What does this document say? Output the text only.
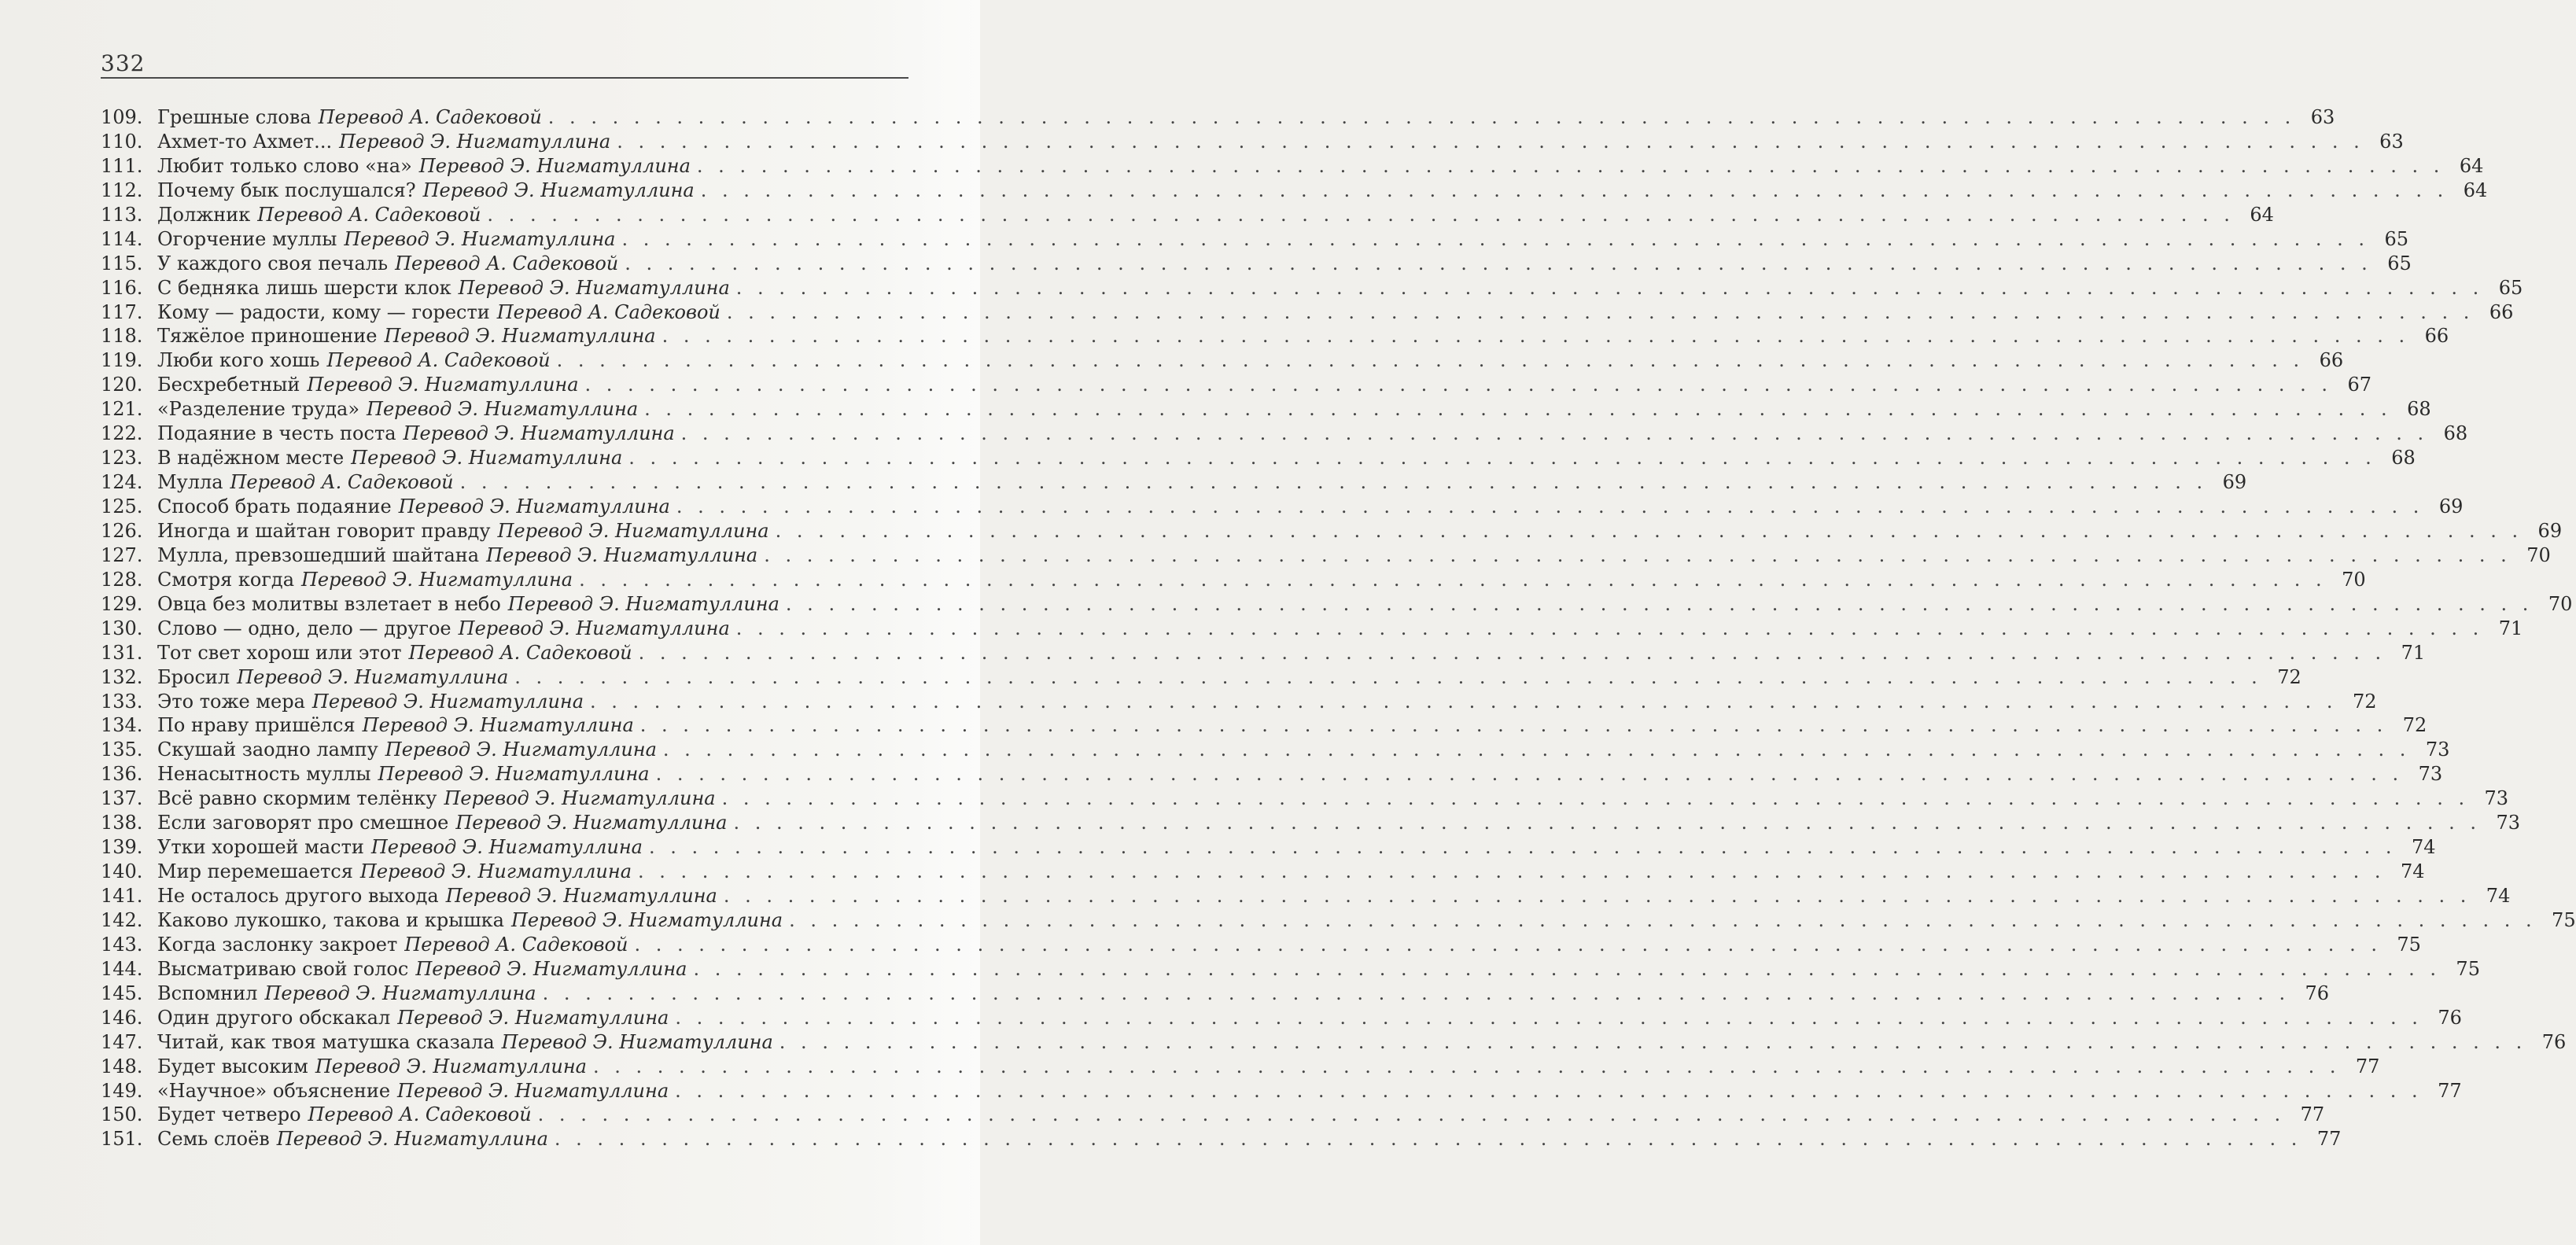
332
109. Грешные слова Перевод А. Садековой . . . . . . . . . . . . . . . . . . . . . . . . . . . . . . . . . . . . . . . . . . . . . . . . . . . . . . . . . . . . . . . . . . . . . . . . . . . . . . . . . . 63
110. Ахмет-то Ахмет... Перевод Э. Нигматуллина . . . . . . . . . . . . . . . . . . . . . . . . . . . . . . . . . . . . . . . . . . . . . . . . . . . . . . . . . . . . . . . . . . . . . . . . . . . . . . . . . . 63
111. Любит только слово «на» Перевод Э. Нигматуллина . . . . . . . . . . . . . . . . . . . . . . . . . . . . . . . . . . . . . . . . . . . . . . . . . . . . . . . . . . . . . . . . . . . . . . . . . . . . . . . . . . 64
112. Почему бык послушался? Перевод Э. Нигматуллина . . . . . . . . . . . . . . . . . . . . . . . . . . . . . . . . . . . . . . . . . . . . . . . . . . . . . . . . . . . . . . . . . . . . . . . . . . . . . . . . . . 64
113. Должник Перевод А. Садековой . . . . . . . . . . . . . . . . . . . . . . . . . . . . . . . . . . . . . . . . . . . . . . . . . . . . . . . . . . . . . . . . . . . . . . . . . . . . . . . . . . 64
114. Огорчение муллы Перевод Э. Нигматуллина . . . . . . . . . . . . . . . . . . . . . . . . . . . . . . . . . . . . . . . . . . . . . . . . . . . . . . . . . . . . . . . . . . . . . . . . . . . . . . . . . . 65
115. У каждого своя печаль Перевод А. Садековой . . . . . . . . . . . . . . . . . . . . . . . . . . . . . . . . . . . . . . . . . . . . . . . . . . . . . . . . . . . . . . . . . . . . . . . . . . . . . . . . . . 65
116. С бедняка лишь шерсти клок Перевод Э. Нигматуллина . . . . . . . . . . . . . . . . . . . . . . . . . . . . . . . . . . . . . . . . . . . . . . . . . . . . . . . . . . . . . . . . . . . . . . . . . . . . . . . . . . 65
117. Кому — радости, кому — горести Перевод А. Садековой . . . . . . . . . . . . . . . . . . . . . . . . . . . . . . . . . . . . . . . . . . . . . . . . . . . . . . . . . . . . . . . . . . . . . . . . . . . . . . . . . . 66
118. Тяжёлое приношение Перевод Э. Нигматуллина . . . . . . . . . . . . . . . . . . . . . . . . . . . . . . . . . . . . . . . . . . . . . . . . . . . . . . . . . . . . . . . . . . . . . . . . . . . . . . . . . . 66
119. Люби кого хошь Перевод А. Садековой . . . . . . . . . . . . . . . . . . . . . . . . . . . . . . . . . . . . . . . . . . . . . . . . . . . . . . . . . . . . . . . . . . . . . . . . . . . . . . . . . . 66
120. Бесхребетный Перевод Э. Нигматуллина . . . . . . . . . . . . . . . . . . . . . . . . . . . . . . . . . . . . . . . . . . . . . . . . . . . . . . . . . . . . . . . . . . . . . . . . . . . . . . . . . . 67
121. «Разделение труда» Перевод Э. Нигматуллина . . . . . . . . . . . . . . . . . . . . . . . . . . . . . . . . . . . . . . . . . . . . . . . . . . . . . . . . . . . . . . . . . . . . . . . . . . . . . . . . . . 68
122. Подаяние в честь поста Перевод Э. Нигматуллина . . . . . . . . . . . . . . . . . . . . . . . . . . . . . . . . . . . . . . . . . . . . . . . . . . . . . . . . . . . . . . . . . . . . . . . . . . . . . . . . . . 68
123. В надёжном месте Перевод Э. Нигматуллина . . . . . . . . . . . . . . . . . . . . . . . . . . . . . . . . . . . . . . . . . . . . . . . . . . . . . . . . . . . . . . . . . . . . . . . . . . . . . . . . . . 68
124. Мулла Перевод А. Садековой . . . . . . . . . . . . . . . . . . . . . . . . . . . . . . . . . . . . . . . . . . . . . . . . . . . . . . . . . . . . . . . . . . . . . . . . . . . . . . . . . . 69
125. Способ брать подаяние Перевод Э. Нигматуллина . . . . . . . . . . . . . . . . . . . . . . . . . . . . . . . . . . . . . . . . . . . . . . . . . . . . . . . . . . . . . . . . . . . . . . . . . . . . . . . . . . 69
126. Иногда и шайтан говорит правду Перевод Э. Нигматуллина . . . . . . . . . . . . . . . . . . . . . . . . . . . . . . . . . . . . . . . . . . . . . . . . . . . . . . . . . . . . . . . . . . . . . . . . . . . . . . . . . . 69
127. Мулла, превзошедший шайтана Перевод Э. Нигматуллина . . . . . . . . . . . . . . . . . . . . . . . . . . . . . . . . . . . . . . . . . . . . . . . . . . . . . . . . . . . . . . . . . . . . . . . . . . . . . . . . . . 70
128. Смотря когда Перевод Э. Нигматуллина . . . . . . . . . . . . . . . . . . . . . . . . . . . . . . . . . . . . . . . . . . . . . . . . . . . . . . . . . . . . . . . . . . . . . . . . . . . . . . . . . . 70
129. Овца без молитвы взлетает в небо Перевод Э. Нигматуллина . . . . . . . . . . . . . . . . . . . . . . . . . . . . . . . . . . . . . . . . . . . . . . . . . . . . . . . . . . . . . . . . . . . . . . . . . . . . . . . . . . 70
130. Слово — одно, дело — другое Перевод Э. Нигматуллина . . . . . . . . . . . . . . . . . . . . . . . . . . . . . . . . . . . . . . . . . . . . . . . . . . . . . . . . . . . . . . . . . . . . . . . . . . . . . . . . . . 71
131. Тот свет хорош или этот Перевод А. Садековой . . . . . . . . . . . . . . . . . . . . . . . . . . . . . . . . . . . . . . . . . . . . . . . . . . . . . . . . . . . . . . . . . . . . . . . . . . . . . . . . . . 71
132. Бросил Перевод Э. Нигматуллина . . . . . . . . . . . . . . . . . . . . . . . . . . . . . . . . . . . . . . . . . . . . . . . . . . . . . . . . . . . . . . . . . . . . . . . . . . . . . . . . . . 72
133. Это тоже мера Перевод Э. Нигматуллина . . . . . . . . . . . . . . . . . . . . . . . . . . . . . . . . . . . . . . . . . . . . . . . . . . . . . . . . . . . . . . . . . . . . . . . . . . . . . . . . . . 72
134. По нраву пришёлся Перевод Э. Нигматуллина . . . . . . . . . . . . . . . . . . . . . . . . . . . . . . . . . . . . . . . . . . . . . . . . . . . . . . . . . . . . . . . . . . . . . . . . . . . . . . . . . . 72
135. Скушай заодно лампу Перевод Э. Нигматуллина . . . . . . . . . . . . . . . . . . . . . . . . . . . . . . . . . . . . . . . . . . . . . . . . . . . . . . . . . . . . . . . . . . . . . . . . . . . . . . . . . . 73
136. Ненасытность муллы Перевод Э. Нигматуллина . . . . . . . . . . . . . . . . . . . . . . . . . . . . . . . . . . . . . . . . . . . . . . . . . . . . . . . . . . . . . . . . . . . . . . . . . . . . . . . . . . 73
137. Всё равно скормим телёнку Перевод Э. Нигматуллина . . . . . . . . . . . . . . . . . . . . . . . . . . . . . . . . . . . . . . . . . . . . . . . . . . . . . . . . . . . . . . . . . . . . . . . . . . . . . . . . . . 73
138. Если заговорят про смешное Перевод Э. Нигматуллина . . . . . . . . . . . . . . . . . . . . . . . . . . . . . . . . . . . . . . . . . . . . . . . . . . . . . . . . . . . . . . . . . . . . . . . . . . . . . . . . . . 73
139. Утки хорошей масти Перевод Э. Нигматуллина . . . . . . . . . . . . . . . . . . . . . . . . . . . . . . . . . . . . . . . . . . . . . . . . . . . . . . . . . . . . . . . . . . . . . . . . . . . . . . . . . . 74
140. Мир перемешается Перевод Э. Нигматуллина . . . . . . . . . . . . . . . . . . . . . . . . . . . . . . . . . . . . . . . . . . . . . . . . . . . . . . . . . . . . . . . . . . . . . . . . . . . . . . . . . . 74
141. Не осталось другого выхода Перевод Э. Нигматуллина . . . . . . . . . . . . . . . . . . . . . . . . . . . . . . . . . . . . . . . . . . . . . . . . . . . . . . . . . . . . . . . . . . . . . . . . . . . . . . . . . . 74
142. Каково лукошко, такова и крышка Перевод Э. Нигматуллина . . . . . . . . . . . . . . . . . . . . . . . . . . . . . . . . . . . . . . . . . . . . . . . . . . . . . . . . . . . . . . . . . . . . . . . . . . . . . . . . . . 75
143. Когда заслонку закроет Перевод А. Садековой . . . . . . . . . . . . . . . . . . . . . . . . . . . . . . . . . . . . . . . . . . . . . . . . . . . . . . . . . . . . . . . . . . . . . . . . . . . . . . . . . . 75
144. Высматриваю свой голос Перевод Э. Нигматуллина . . . . . . . . . . . . . . . . . . . . . . . . . . . . . . . . . . . . . . . . . . . . . . . . . . . . . . . . . . . . . . . . . . . . . . . . . . . . . . . . . . 75
145. Вспомнил Перевод Э. Нигматуллина . . . . . . . . . . . . . . . . . . . . . . . . . . . . . . . . . . . . . . . . . . . . . . . . . . . . . . . . . . . . . . . . . . . . . . . . . . . . . . . . . . 76
146. Один другого обскакал Перевод Э. Нигматуллина . . . . . . . . . . . . . . . . . . . . . . . . . . . . . . . . . . . . . . . . . . . . . . . . . . . . . . . . . . . . . . . . . . . . . . . . . . . . . . . . . . 76
147. Читай, как твоя матушка сказала Перевод Э. Нигматуллина . . . . . . . . . . . . . . . . . . . . . . . . . . . . . . . . . . . . . . . . . . . . . . . . . . . . . . . . . . . . . . . . . . . . . . . . . . . . . . . . . . 76
148. Будет высоким Перевод Э. Нигматуллина . . . . . . . . . . . . . . . . . . . . . . . . . . . . . . . . . . . . . . . . . . . . . . . . . . . . . . . . . . . . . . . . . . . . . . . . . . . . . . . . . . 77
149. «Научное» объяснение Перевод Э. Нигматуллина . . . . . . . . . . . . . . . . . . . . . . . . . . . . . . . . . . . . . . . . . . . . . . . . . . . . . . . . . . . . . . . . . . . . . . . . . . . . . . . . . . 77
150. Будет четверо Перевод А. Садековой . . . . . . . . . . . . . . . . . . . . . . . . . . . . . . . . . . . . . . . . . . . . . . . . . . . . . . . . . . . . . . . . . . . . . . . . . . . . . . . . . . 77
151. Семь слоёв Перевод Э. Нигматуллина . . . . . . . . . . . . . . . . . . . . . . . . . . . . . . . . . . . . . . . . . . . . . . . . . . . . . . . . . . . . . . . . . . . . . . . . . . . . . . . . . . 77
